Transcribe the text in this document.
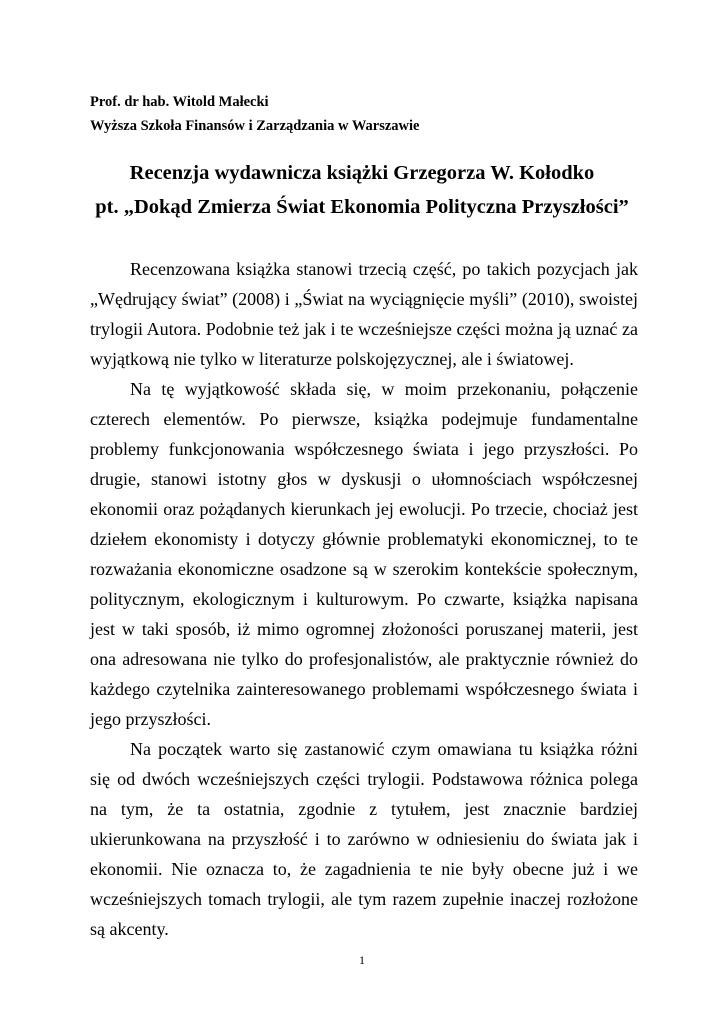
Prof. dr hab. Witold Małecki
Wyższa Szkoła Finansów i Zarządzania w Warszawie
Recenzja wydawnicza książki Grzegorza W. Kołodko
pt. „Dokąd Zmierza Świat Ekonomia Polityczna Przyszłości”

Recenzowana książka stanowi trzecią część, po takich pozycjach jak „Wędrujący świat” (2008) i „Świat na wyciągnięcie myśli” (2010), swoistej trylogii Autora. Podobnie też jak i te wcześniejsze części można ją uznać za wyjątkową nie tylko w literaturze polskojęzycznej, ale i światowej.

Na tę wyjątkowość składa się, w moim przekonaniu, połączenie czterech elementów. Po pierwsze, książka podejmuje fundamentalne problemy funkcjonowania współczesnego świata i jego przyszłości. Po drugie, stanowi istotny głos w dyskusji o ułomnościach współczesnej ekonomii oraz pożądanych kierunkach jej ewolucji. Po trzecie, chociaż jest dziełem ekonomisty i dotyczy głównie problematyki ekonomicznej, to te rozważania ekonomiczne osadzone są w szerokim kontekście społecznym, politycznym, ekologicznym i kulturowym. Po czwarte, książka napisana jest w taki sposób, iż mimo ogromnej złożoności poruszanej materii, jest ona adresowana nie tylko do profesjonalistów, ale praktycznie również do każdego czytelnika zainteresowanego problemami współczesnego świata i jego przyszłości.

Na początek warto się zastanowić czym omawiana tu książka różni się od dwóch wcześniejszych części trylogii. Podstawowa różnica polega na tym, że ta ostatnia, zgodnie z tytułem, jest znacznie bardziej ukierunkowana na przyszłość i to zarówno w odniesieniu do świata jak i ekonomii. Nie oznacza to, że zagadnienia te nie były obecne już i we wcześniejszych tomach trylogii, ale tym razem zupełnie inaczej rozłożone są akcenty.

1
